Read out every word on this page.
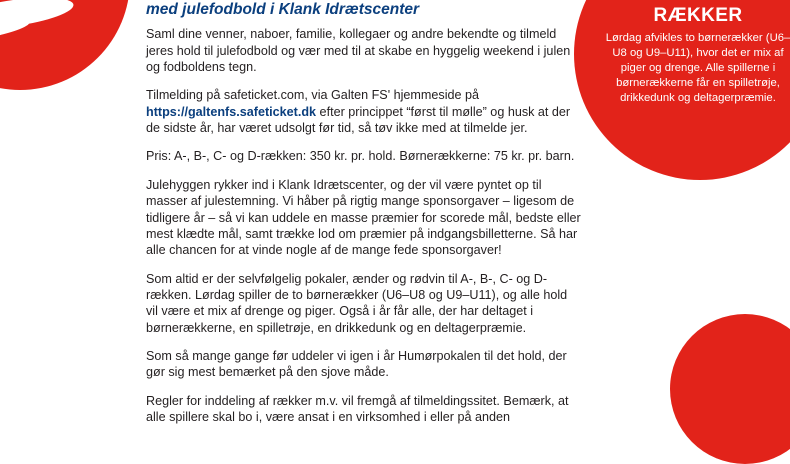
med julefodbold i Klank Idrætscenter

Saml dine venner, naboer, familie, kollegaer og andre bekendte og tilmeld jeres hold til julefodbold og vær med til at skabe en hyggelig weekend i julen og fodboldens tegn.

Tilmelding på safeticket.com, via Galten FS' hjemmeside på
https://galtenfs.safeticket.dk efter princippet “først til mølle” og husk at der de sidste år, har været udsolgt før tid, så tøv ikke med at tilmelde jer.

Pris: A-, B-, C- og D-rækken: 350 kr. pr. hold. Børnerækkerne: 75 kr. pr. barn.

Julehyggen rykker ind i Klank Idrætscenter, og der vil være pyntet op til masser af julestemning. Vi håber på rigtig mange sponsorgaver – ligesom de tidligere år – så vi kan uddele en masse præmier for scorede mål, bedste eller mest klædte mål, samt trække lod om præmier på indgangsbilletterne. Så har alle chancen for at vinde nogle af de mange fede sponsorgaver!

Som altid er der selvfølgelig pokaler, ænder og rødvin til A-, B-, C- og D-rækken. Lørdag spiller de to børnerækker (U6–U8 og U9–U11), og alle hold vil være et mix af drenge og piger. Også i år får alle, der har deltaget i børnerækkerne, en spilletrøje, en drikkedunk og en deltagerpræmie.

Som så mange gange før uddeler vi igen i år Humørpokalen til det hold, der gør sig mest bemærket på den sjove måde.

Regler for inddeling af rækker m.v. vil fremgå af tilmeldingssitet. Bemærk, at alle spillere skal bo i, være ansat i en virksomhed i eller på anden

RÆKKER
Lørdag afvikles to børnerækker (U6–U8 og U9–U11), hvor det er mix af piger og drenge. Alle spillerne i børnerækkerne får en spilletrøje, drikkedunk og deltagerpræmie.
